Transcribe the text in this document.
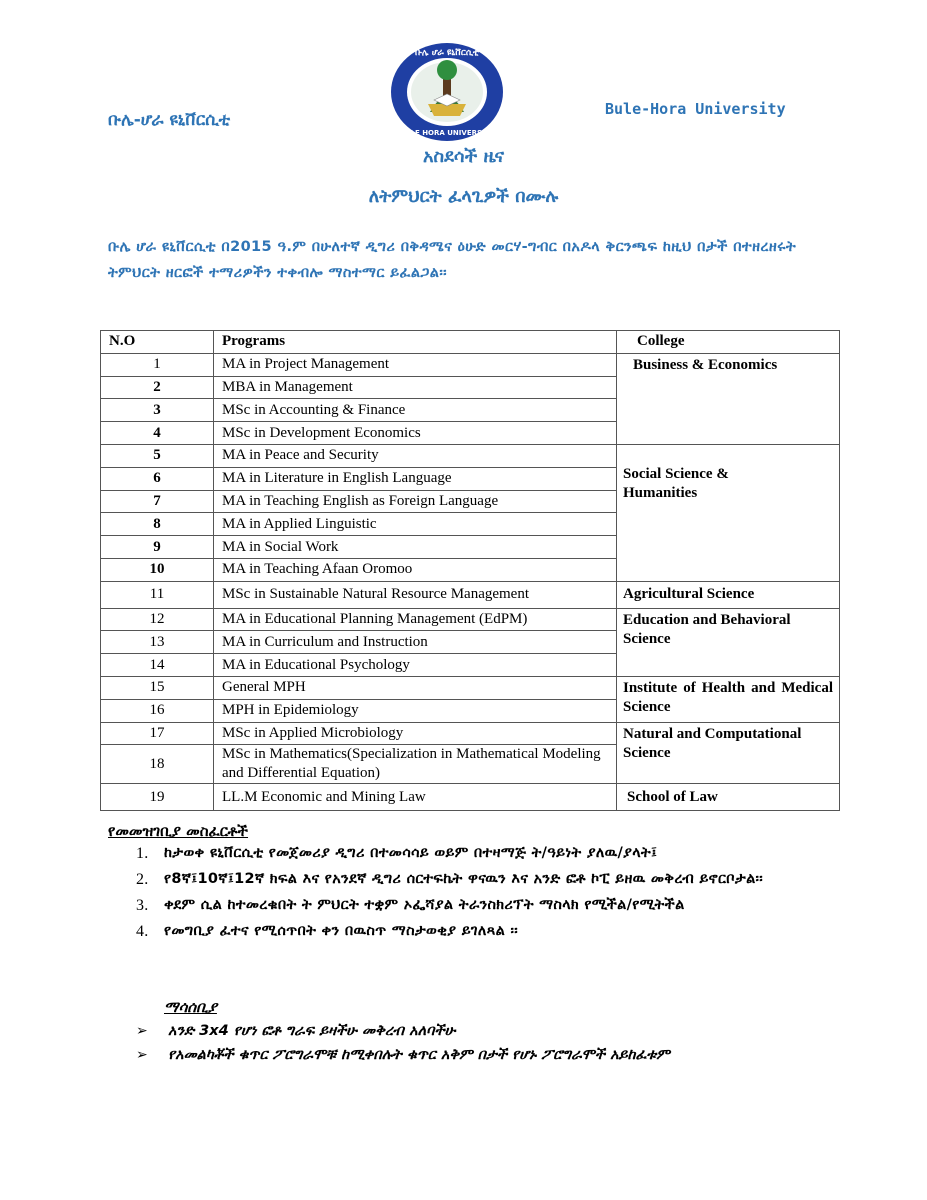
ቡሌ-ሆራ ዩኒቨርሲቲ
ቡሌ ሆራ ዩኒቨርሲቲ
BULE HORA UNIVERSITY
Bule-Hora University
አስደሳች ዜና
ለትምህርት ፈላጊዎች በሙሉ
ቡሌ ሆራ ዩኒቨርሲቲ በ2015 ዓ.ም በሁለተኛ ዲግሪ በቅዳሜና ዕሁድ መርሃ-ግብር በአዶላ ቅርንጫፍ ከዚህ በታች በተዘረዘሩት ትምህርት ዘርፎች ተማሪዎችን ተቀብሎ ማስተማር ይፈልጋል፡፡
N.O	Programs	College
1	MA in Project Management	Business & Economics
2	MBA in Management	
3	MSc in Accounting & Finance	
4	MSc in Development Economics	
5	MA in Peace and Security	Social Science & Humanities

6	MA in Literature in English Language	
7	MA in Teaching English as Foreign Language	
8	MA in Applied Linguistic	
9	MA in Social Work	
10	MA in Teaching Afaan Oromoo	
11	MSc in Sustainable Natural Resource Management	Agricultural Science
12	MA in Educational Planning Management (EdPM)	Education and Behavioral Science
13	MA in Curriculum and Instruction	
14	MA in Educational Psychology	
15	General MPH	Institute of Health and Medical Science
16	MPH in Epidemiology	
17	MSc in Applied Microbiology	Natural and Computational Science
18	MSc in Mathematics(Specialization in Mathematical Modeling and Differential Equation)	
19	LL.M Economic and Mining Law	School of Law
የመመዝገቢያ መስፈርቶች
1. ከታወቀ ዩኒቨርሲቲ የመጀመሪያ ዲግሪ በተመሳሳይ ወይም በተዛማጅ ት/ዓይነት ያለዉ/ያላት፤
2. የ8ኛ፤10ኛ፤12ኛ ክፍል እና የአንደኛ ዲግሪ ሰርተፍኬት ዋናዉን እና አንድ ፎቶ ኮፒ ይዘዉ መቅረብ ይኖርቦታል፡፡
3. ቀደም ሲል ከተመረቁበት ት ምህርት ተቋም ኦፌሻያል ትራንስክሪፕት ማስላክ የሚችል/የሚትችል
4. የመግቢያ ፈተና የሚሰጥበት ቀን በዉስጥ ማስታወቂያ ይገለጻል ፡፡
ማሳሰቢያ
➢ አንድ 3x4 የሆነ ፎቶ ግራፍ ይዛችሁ መቅረብ አለባችሁ
➢ የአመልካቾች ቁጥር ፖሮግራሞቹ ከሚቀበሉት ቁጥር አቅም በታች የሆኑ ፖሮግራሞች አይከፈቱም
